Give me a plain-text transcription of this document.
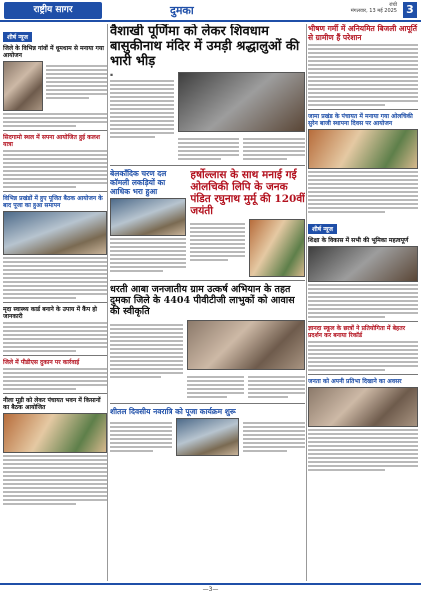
राष्ट्रीय सागर	दुमका	रांची
मंगलवार, 13 मई 2025 3
शीर्ष न्यूज
जिले के विभिन्न गांवों में धूमधाम से मनाया गया आयोजन
सिदगामो स्थल में सपना आयोजित हुई कलश यात्रा
विभिन्न प्रखंडों में हुए पूजित बैठक आयोजन के बाद पूजा का हुआ समापन
मृदा स्वास्थ्य कार्ड बनाने के उपाय में कैंप हो जानकारी
जिले में पीडीएस दुकान पर कार्रवाई
नीला मूड़ी को लेकर पंचायत भवन में किसानों का बैठक आयोजित
वैशाखी पूर्णिमा को लेकर शिवधाम बासुकीनाथ मंदिर में उमड़ी श्रद्धालुओं की भारी भीड़
▪
बेलकाँदिक चरण दल कॉमली लकड़ियों का आधिक भरा हुआ
हर्षोल्लास के साथ मनाई गई ओलचिकी लिपि के जनक पंडित रघुनाथ मुर्मू की 120वीं जयंती
धरती आबा जनजातीय ग्राम उत्कर्ष अभियान के तहत दुमका जिले के 4404 पीवीटीजी लाभुकों को आवास की स्वीकृति
शीतल दिवसीय नवरात्रि को पूजा कार्यक्रम शुरू
भीषण गर्मी में अनियमित बिजली आपूर्ति से ग्रामीण हैं परेशान
जामा प्रखंड के पंचायत में मनाया गया ओलचिकी सुरेन बाजी स्थापना दिवस पर आयोजन
शीर्ष न्यूज
शिक्षा के विकास में सभी की भूमिका महत्वपूर्ण
ज्ञानदा स्कूल के छात्रों ने प्रतियोगिता में बेहतर प्रदर्शन कर बनाया रिकॉर्ड
जनता को अपनी प्रतिभा दिखाने का अवसर
—3—
